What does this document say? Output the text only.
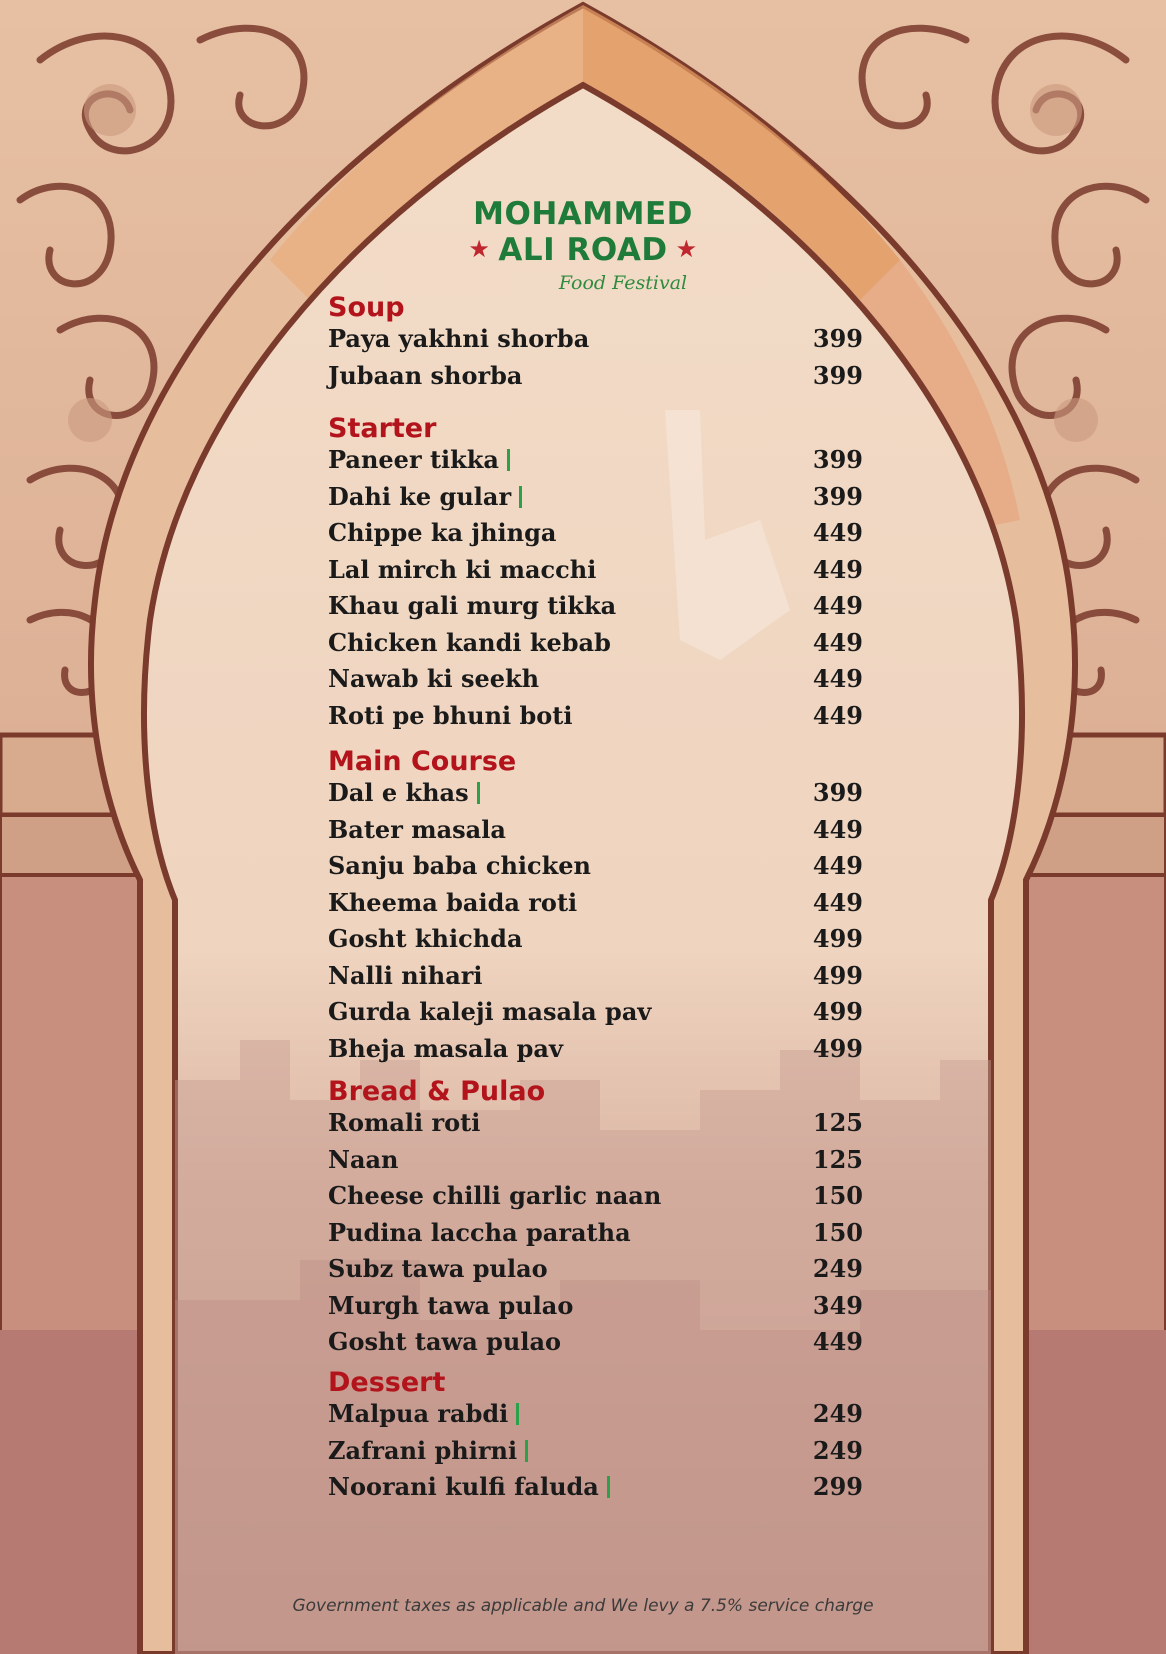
MOHAMMED
★ ALI ROAD ★
Food Festival
Soup
Paya yakhni shorba	399
Jubaan shorba	399
Starter
Paneer tikka	399
Dahi ke gular	399
Chippe ka jhinga	449
Lal mirch ki macchi	449
Khau gali murg tikka	449
Chicken kandi kebab	449
Nawab ki seekh	449
Roti pe bhuni boti	449
Main Course
Dal e khas	399
Bater masala	449
Sanju baba chicken	449
Kheema baida roti	449
Gosht khichda	499
Nalli nihari	499
Gurda kaleji masala pav	499
Bheja masala pav	499
Bread & Pulao
Romali roti	125
Naan	125
Cheese chilli garlic naan	150
Pudina laccha paratha	150
Subz tawa pulao	249
Murgh tawa pulao	349
Gosht tawa pulao	449
Dessert
Malpua rabdi	249
Zafrani phirni	249
Noorani kulfi faluda	299
Government taxes as applicable and We levy a 7.5% service charge
